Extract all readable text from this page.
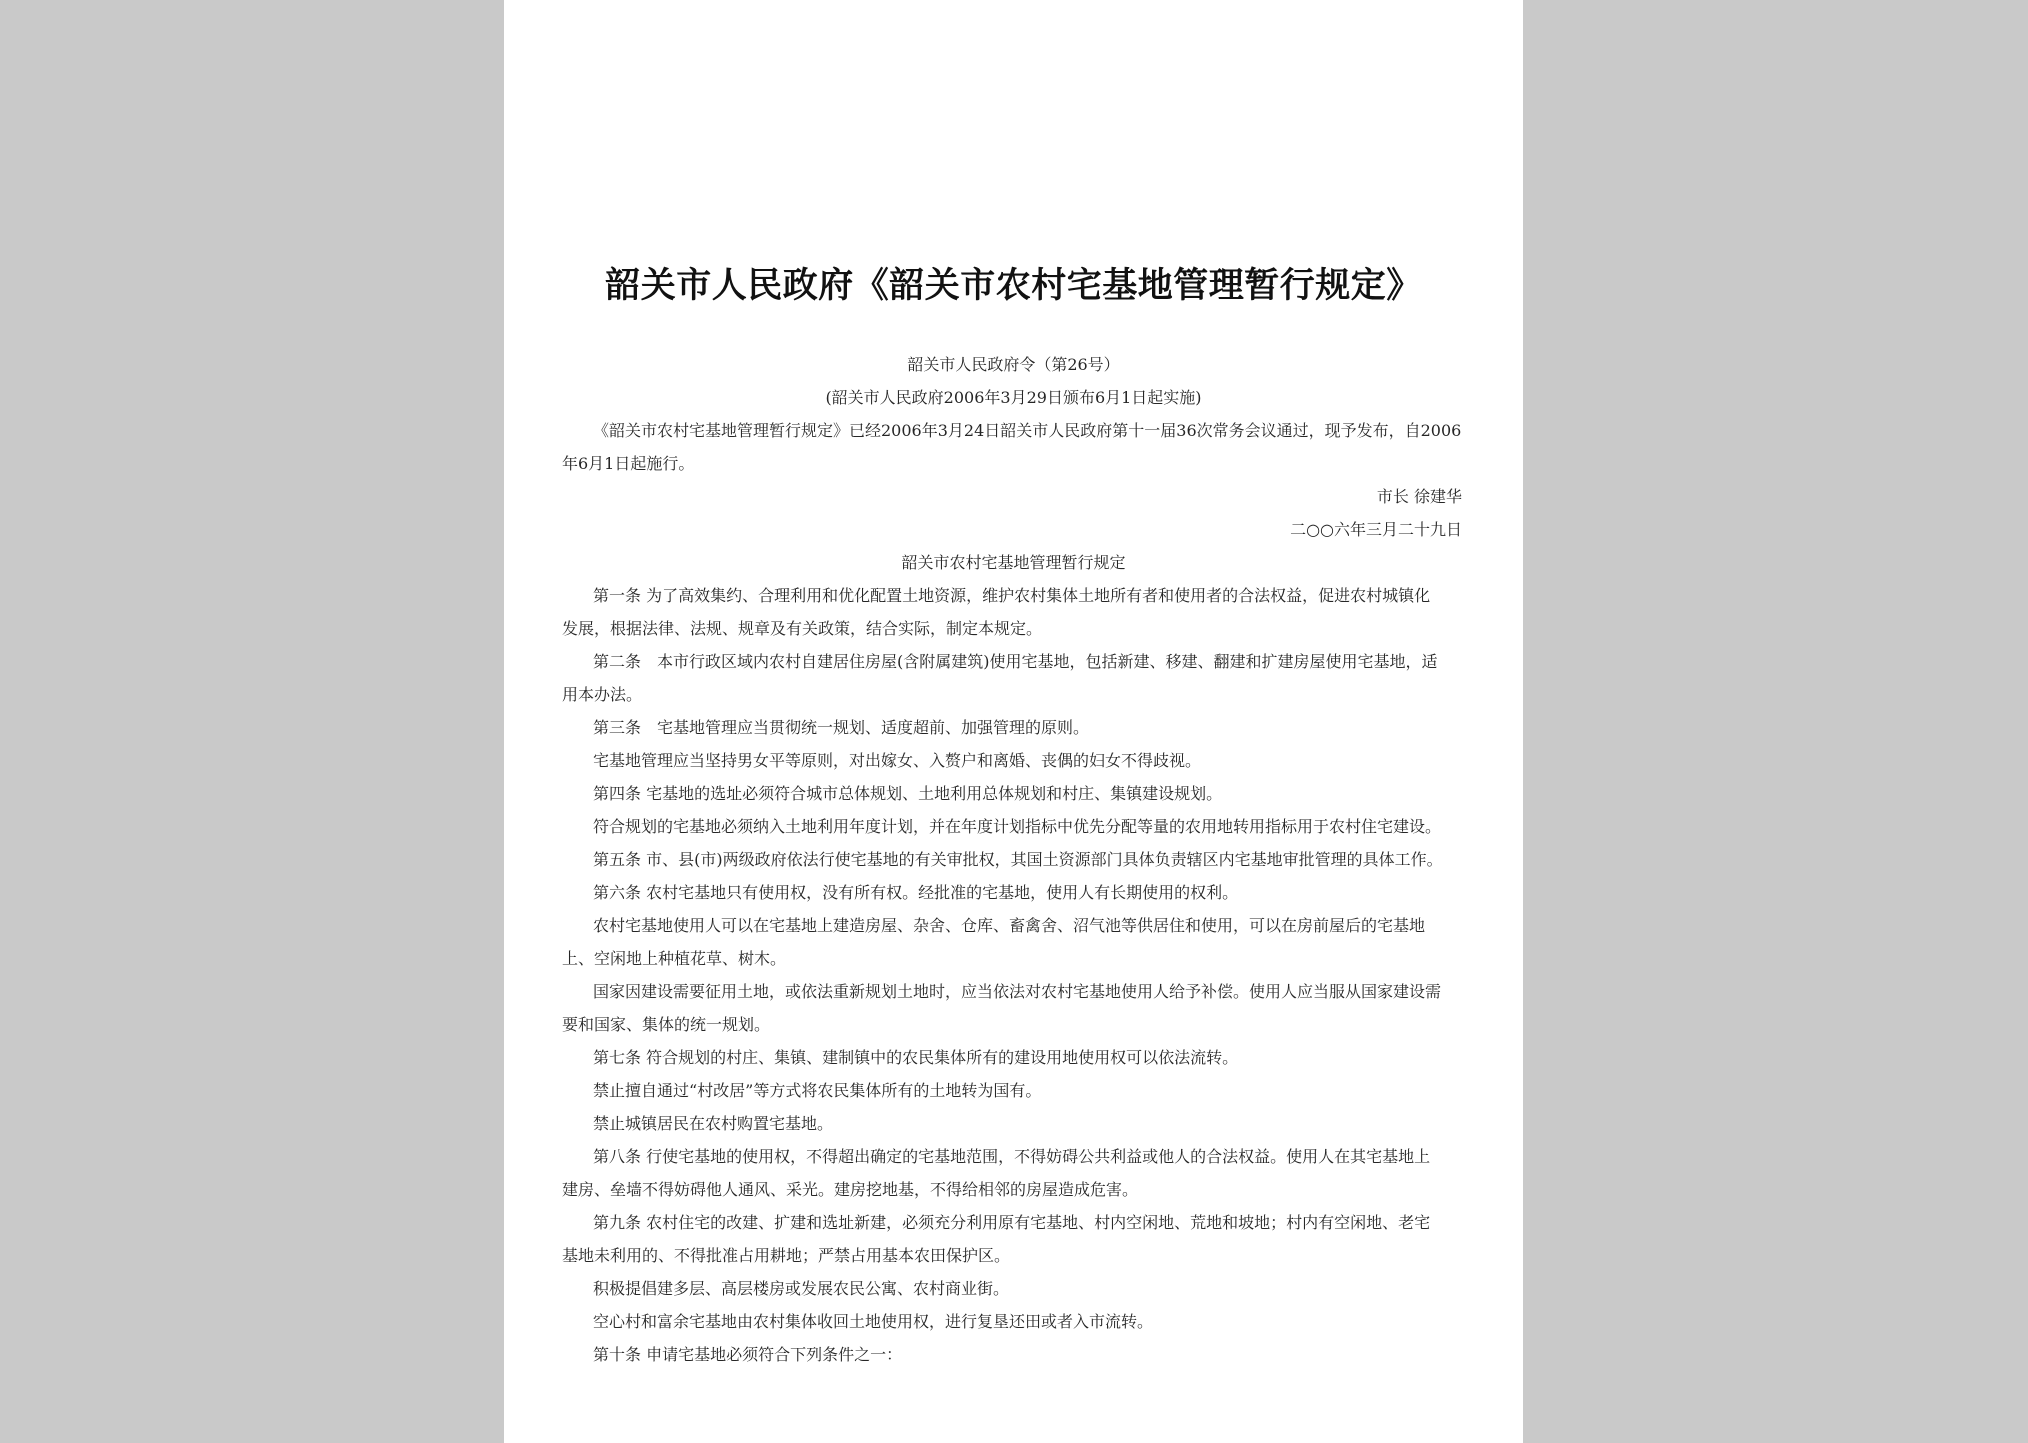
韶关市人民政府《韶关市农村宅基地管理暂行规定》
韶关市人民政府令（第26号）
(韶关市人民政府2006年3月29日颁布6月1日起实施)
《韶关市农村宅基地管理暂行规定》已经2006年3月24日韶关市人民政府第十一届36次常务会议通过，现予发布，自2006
年6月1日起施行。
市长 徐建华
二○○六年三月二十九日
韶关市农村宅基地管理暂行规定
第一条 为了高效集约、合理利用和优化配置土地资源，维护农村集体土地所有者和使用者的合法权益，促进农村城镇化
发展，根据法律、法规、规章及有关政策，结合实际，制定本规定。
第二条　本市行政区域内农村自建居住房屋(含附属建筑)使用宅基地，包括新建、移建、翻建和扩建房屋使用宅基地，适
用本办法。
第三条　宅基地管理应当贯彻统一规划、适度超前、加强管理的原则。
宅基地管理应当坚持男女平等原则，对出嫁女、入赘户和离婚、丧偶的妇女不得歧视。
第四条 宅基地的选址必须符合城市总体规划、土地利用总体规划和村庄、集镇建设规划。
符合规划的宅基地必须纳入土地利用年度计划，并在年度计划指标中优先分配等量的农用地转用指标用于农村住宅建设。
第五条 市、县(市)两级政府依法行使宅基地的有关审批权，其国土资源部门具体负责辖区内宅基地审批管理的具体工作。
第六条 农村宅基地只有使用权，没有所有权。经批准的宅基地，使用人有长期使用的权利。
农村宅基地使用人可以在宅基地上建造房屋、杂舍、仓库、畜禽舍、沼气池等供居住和使用，可以在房前屋后的宅基地
上、空闲地上种植花草、树木。
国家因建设需要征用土地，或依法重新规划土地时，应当依法对农村宅基地使用人给予补偿。使用人应当服从国家建设需
要和国家、集体的统一规划。
第七条 符合规划的村庄、集镇、建制镇中的农民集体所有的建设用地使用权可以依法流转。
禁止擅自通过“村改居”等方式将农民集体所有的土地转为国有。
禁止城镇居民在农村购置宅基地。
第八条 行使宅基地的使用权，不得超出确定的宅基地范围，不得妨碍公共利益或他人的合法权益。使用人在其宅基地上
建房、垒墙不得妨碍他人通风、采光。建房挖地基，不得给相邻的房屋造成危害。
第九条 农村住宅的改建、扩建和选址新建，必须充分利用原有宅基地、村内空闲地、荒地和坡地；村内有空闲地、老宅
基地未利用的、不得批准占用耕地；严禁占用基本农田保护区。
积极提倡建多层、高层楼房或发展农民公寓、农村商业街。
空心村和富余宅基地由农村集体收回土地使用权，进行复垦还田或者入市流转。
第十条 申请宅基地必须符合下列条件之一：
